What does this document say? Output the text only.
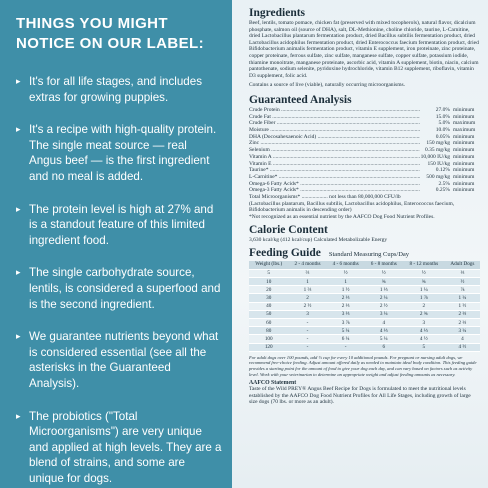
THINGS YOU MIGHT
NOTICE ON OUR LABEL:
▸ It's for all life stages, and includes extras for growing puppies.
▸ It's a recipe with high-quality protein. The single meat source — real Angus beef — is the first ingredient and no meal is added.
▸ The protein level is high at 27% and is a standout feature of this limited ingredient food.
▸ The single carbohydrate source, lentils, is considered a superfood and is the second ingredient.
▸ We guarantee nutrients beyond what is considered essential (see all the asterisks in the Guaranteed Analysis).
▸ The probiotics ("Total Microorganisms") are very unique and applied at high levels. They are a blend of strains, and some are unique for dogs.
Ingredients

Beef, lentils, tomato pomace, chicken fat (preserved with mixed tocopherols), natural flavor, dicalcium phosphate, salmon oil (source of DHA), salt, DL-Methionine, choline chloride, taurine, L-Carnitine, dried Lactobacillus plantarum fermentation product, dried Bacillus subtilis fermentation product, dried Lactobacillus acidophilus fermentation product, dried Enterococcus faecium fermentation product, dried Bifidobacterium animalis fermentation product, vitamin E supplement, iron proteinate, zinc proteinate, copper proteinate, ferrous sulfate, zinc sulfate, manganese sulfate, copper sulfate, potassium iodide, thiamine monoitrate, manganese proteinate, ascorbic acid, vitamin A supplement, biotin, niacin, calcium pantothenate, sodium selenite, pyridoxine hydrochloride, vitamin B12 supplement, riboflavin, vitamin D3 supplement, folic acid.

Contains a source of live (viable), naturally occurring microorganisms.

Guaranteed Analysis
Crude Protein .....	27.0% minimum
Crude Fat .....	15.0% minimum
Crude Fiber .....	5.0% maximum
Moisture .....	10.0% maximum
DHA (Docosahexaenoic Acid) .....	0.05% minimum
Zinc .....	150 mg/kg minimum
Selenium .....	0.35 mg/kg minimum
Vitamin A .....	10,000 IU/kg minimum
Vitamin E .....	150 IU/kg minimum
Taurine* .....	0.12% minimum
L-Carnitine* .....	500 mg/kg minimum
Omega-6 Fatty Acids* .....	2.5% minimum
Omega-3 Fatty Acids* .....	0.25% minimum

Total Microorganisms* ................... not less than 80,000,000 CFU/lb

(Lactobacillus plantarum, Bacillus subtilis, Lactobacillus acidophilus, Enterococcus faecium, Bifidobacterium animalis in descending order)

*Not recognized as an essential nutrient by the AAFCO Dog Food Nutrient Profiles.

Calorie Content

3,630 kcal/kg (412 kcal/cup) Calculated Metabolizable Energy

Feeding Guide Standard Measuring Cups/Day
Weight (lbs.)	2 - 4 months	4 - 6 months	6 - 8 months	8 - 12 months	Adult Dogs
5	⅔	½	½	½	⅓
10	1	1	¾	¾	½
20	1 ⅔	1 ½	1 ⅓	1 ¼	⅞
30	2	2 ⅓	2 ¼	1 ⅞	1 ¼
40	2 ½	2 ⅓	2 ½	2	1 ½
50	3	3 ⅓	3 ¼	2 ¾	2 ⅓
60	-	3 ⅞	4	3	2 ⅓
80	-	5 ¼	4 ⅓	4 ⅓	3 ¼
100	-	6 ¼	5 ¼	4 ½	4
120	-	-	6	5	4 ½

For adult dogs over 100 pounds, add ⅓ cup for every 10 additional pounds. For pregnant or nursing adult dogs, we recommend free-choice feeding. Adjust amount offered daily as needed to maintain ideal body condition. This feeding guide provides a starting point for the amount of food to give your dog each day, and can vary based on factors such as activity level. Work with your veterinarian to determine an appropriate weight and adjust feeding amounts as necessary.

AAFCO Statement

Taste of the Wild PREY® Angus Beef Recipe for Dogs is formulated to meet the nutritional levels established by the AAFCO Dog Food Nutrient Profiles for All Life Stages, including growth of large size dogs (70 lbs. or more as an adult).
